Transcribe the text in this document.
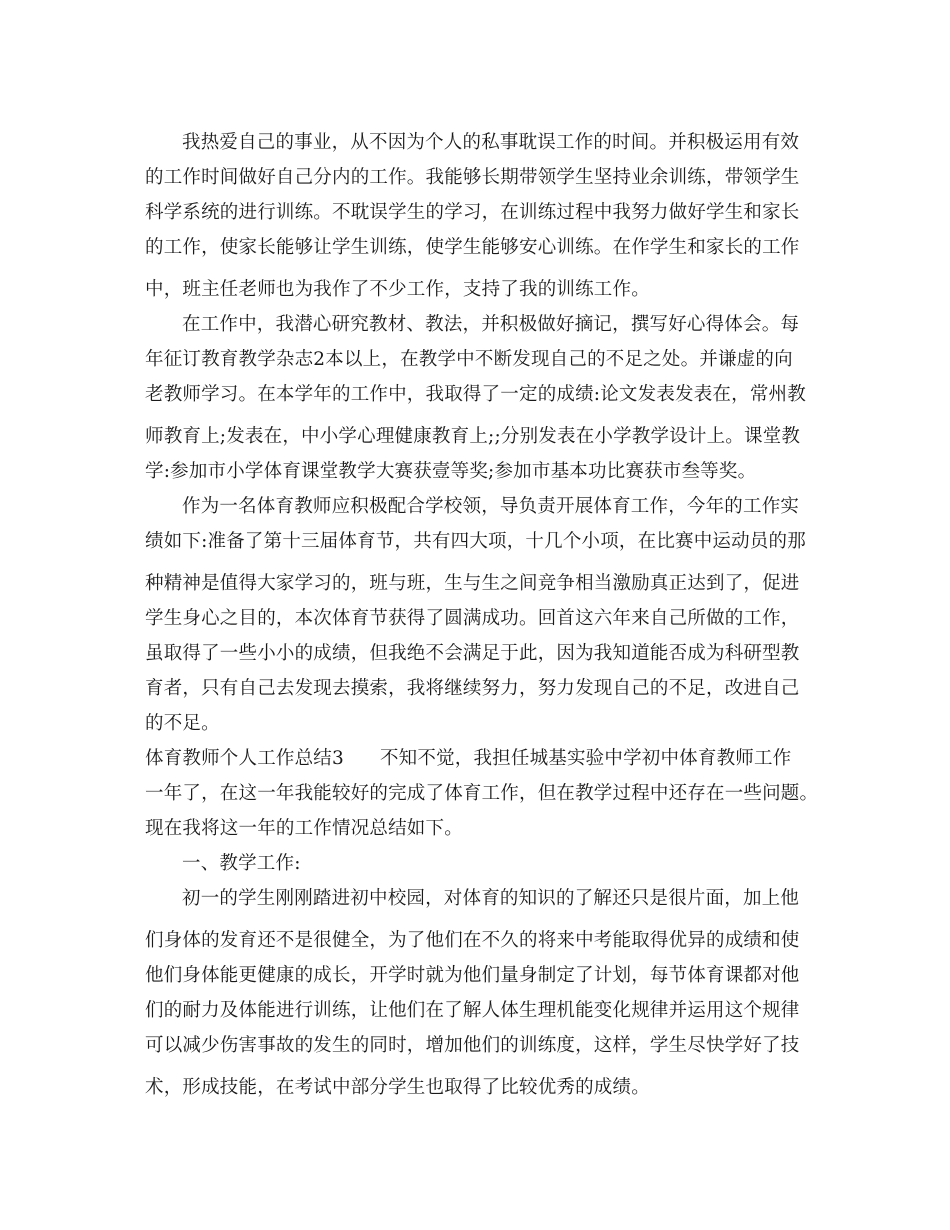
我热爱自己的事业，从不因为个人的私事耽误工作的时间。并积极运用有效
的工作时间做好自己分内的工作。我能够长期带领学生坚持业余训练，带领学生
科学系统的进行训练。不耽误学生的学习，在训练过程中我努力做好学生和家长
的工作，使家长能够让学生训练，使学生能够安心训练。在作学生和家长的工作
中，班主任老师也为我作了不少工作，支持了我的训练工作。
在工作中，我潜心研究教材、教法，并积极做好摘记，撰写好心得体会。每
年征订教育教学杂志2本以上，在教学中不断发现自己的不足之处。并谦虚的向
老教师学习。在本学年的工作中，我取得了一定的成绩:论文发表发表在，常州教
师教育上;发表在，中小学心理健康教育上;;分别发表在小学教学设计上。课堂教
学:参加市小学体育课堂教学大赛获壹等奖;参加市基本功比赛获市叁等奖。
作为一名体育教师应积极配合学校领，导负责开展体育工作，今年的工作实
绩如下:准备了第十三届体育节，共有四大项，十几个小项，在比赛中运动员的那
种精神是值得大家学习的，班与班，生与生之间竞争相当激励真正达到了，促进
学生身心之目的，本次体育节获得了圆满成功。回首这六年来自己所做的工作，
虽取得了一些小小的成绩，但我绝不会满足于此，因为我知道能否成为科研型教
育者，只有自己去发现去摸索，我将继续努力，努力发现自己的不足，改进自己
的不足。
体育教师个人工作总结3 不知不觉，我担任城基实验中学初中体育教师工作
一年了，在这一年我能较好的完成了体育工作，但在教学过程中还存在一些问题。
现在我将这一年的工作情况总结如下。
一、教学工作:
初一的学生刚刚踏进初中校园，对体育的知识的了解还只是很片面，加上他
们身体的发育还不是很健全，为了他们在不久的将来中考能取得优异的成绩和使
他们身体能更健康的成长，开学时就为他们量身制定了计划，每节体育课都对他
们的耐力及体能进行训练，让他们在了解人体生理机能变化规律并运用这个规律
可以减少伤害事故的发生的同时，增加他们的训练度，这样，学生尽快学好了技
术，形成技能，在考试中部分学生也取得了比较优秀的成绩。
